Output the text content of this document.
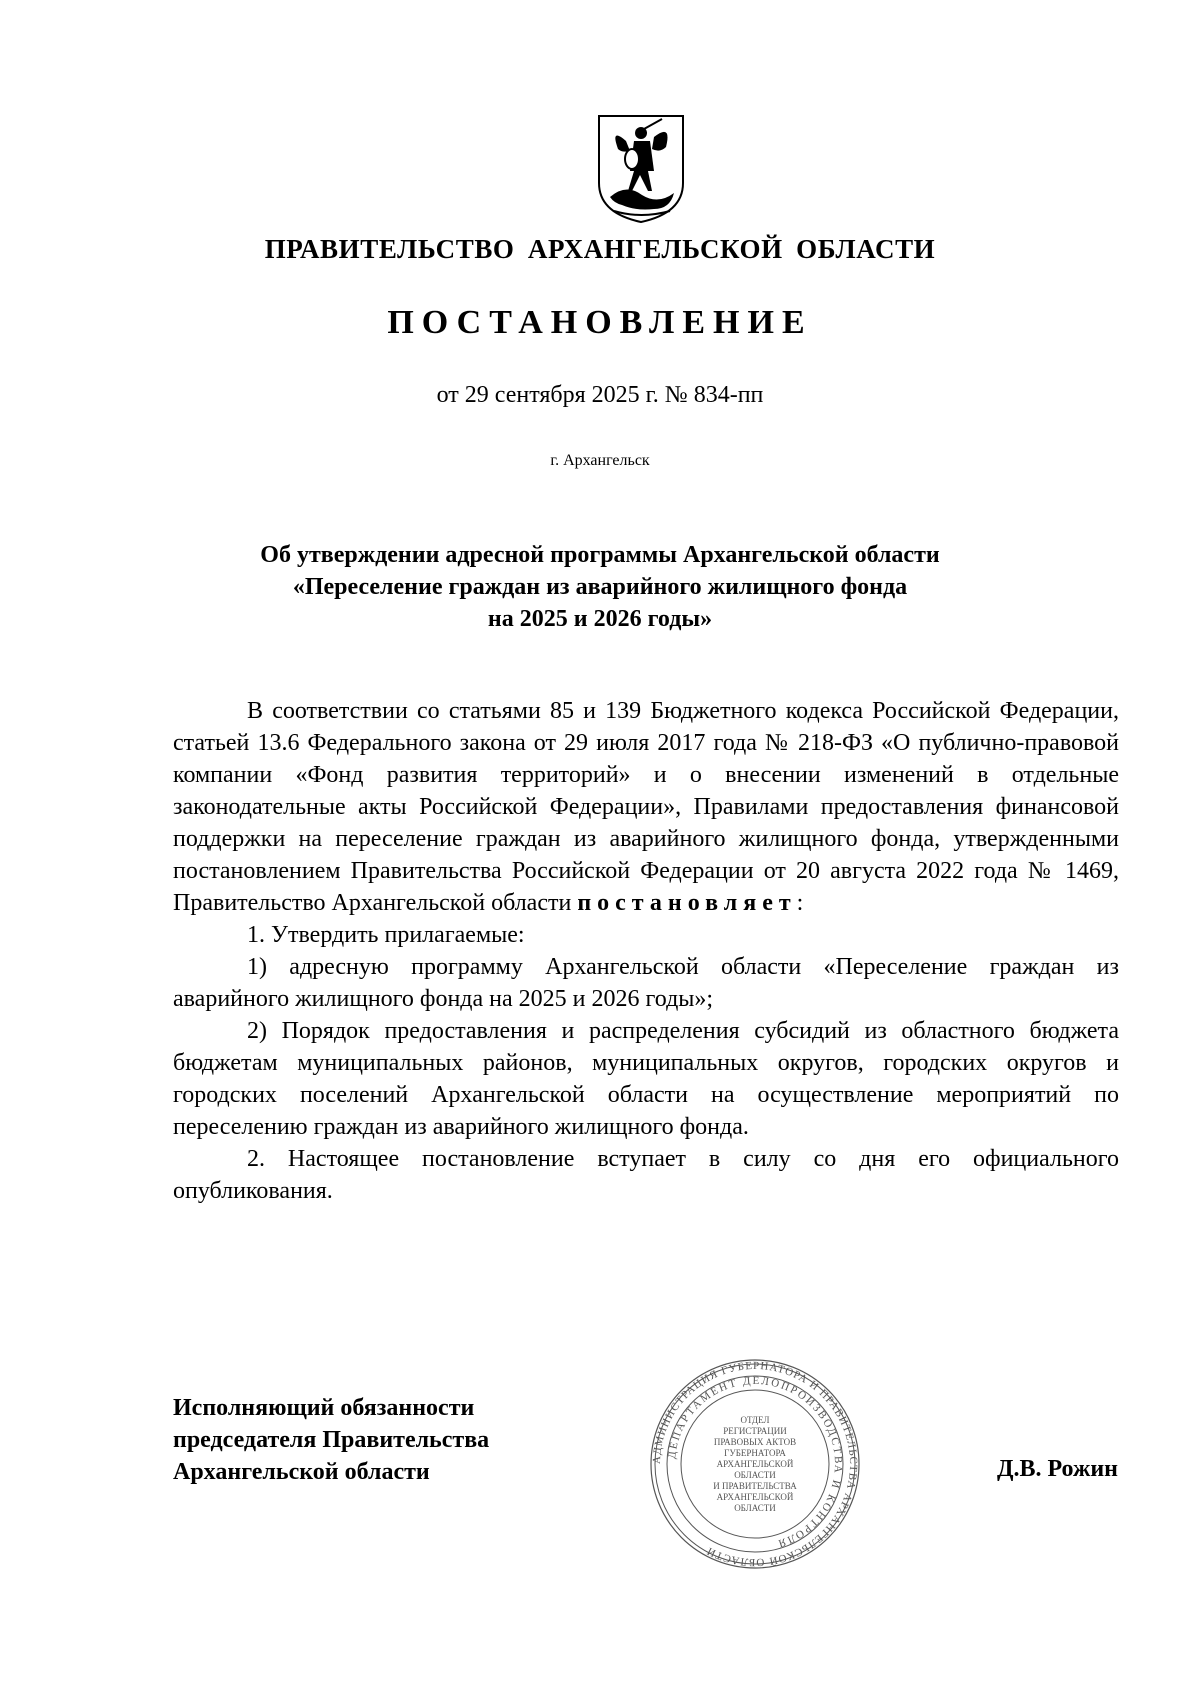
ПРАВИТЕЛЬСТВО АРХАНГЕЛЬСКОЙ ОБЛАСТИ
ПОСТАНОВЛЕНИЕ
от 29 сентября 2025 г. № 834-пп
г. Архангельск
Об утверждении адресной программы Архангельской области
«Переселение граждан из аварийного жилищного фонда
на 2025 и 2026 годы»

В соответствии со статьями 85 и 139 Бюджетного кодекса Российской Федерации, статьей 13.6 Федерального закона от 29 июля 2017 года № 218-ФЗ «О публично-правовой компании «Фонд развития территорий» и о внесении изменений в отдельные законодательные акты Российской Федерации», Правилами предоставления финансовой поддержки на переселение граждан из аварийного жилищного фонда, утвержденными постановлением Правительства Российской Федерации от 20 августа 2022 года № 1469, Правительство Архангельской области постановляет:

1. Утвердить прилагаемые:

1) адресную программу Архангельской области «Переселение граждан из аварийного жилищного фонда на 2025 и 2026 годы»;

2) Порядок предоставления и распределения субсидий из областного бюджета бюджетам муниципальных районов, муниципальных округов, городских округов и городских поселений Архангельской области на осуществление мероприятий по переселению граждан из аварийного жилищного фонда.

2. Настоящее постановление вступает в силу со дня его официального опубликования.

Исполняющий обязанности
председателя Правительства
Архангельской области	АДМИНИСТРАЦИЯ ГУБЕРНАТОРА И ПРАВИТЕЛЬСТВА АРХАНГЕЛЬСКОЙ ОБЛАСТИ
ДЕПАРТАМЕНТ ДЕЛОПРОИЗВОДСТВА И КОНТРОЛЯ
ОТДЕЛ
РЕГИСТРАЦИИ
ПРАВОВЫХ АКТОВ
ГУБЕРНАТОРА
АРХАНГЕЛЬСКОЙ
ОБЛАСТИ
И ПРАВИТЕЛЬСТВА
АРХАНГЕЛЬСКОЙ
ОБЛАСТИ
Д.В. Рожин
